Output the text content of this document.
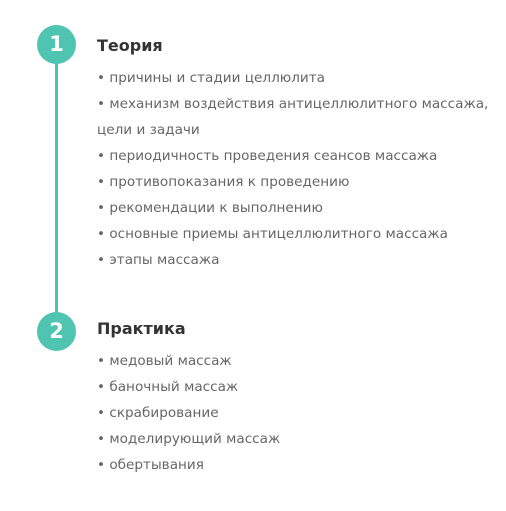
1
2
Теория
• причины и стадии целлюлита
• механизм воздействия антицеллюлитного массажа,
цели и задачи
• периодичность проведения сеансов массажа
• противопоказания к проведению
• рекомендации к выполнению
• основные приемы антицеллюлитного массажа
• этапы массажа
Практика
• медовый массаж
• баночный массаж
• скрабирование
• моделирующий массаж
• обертывания
